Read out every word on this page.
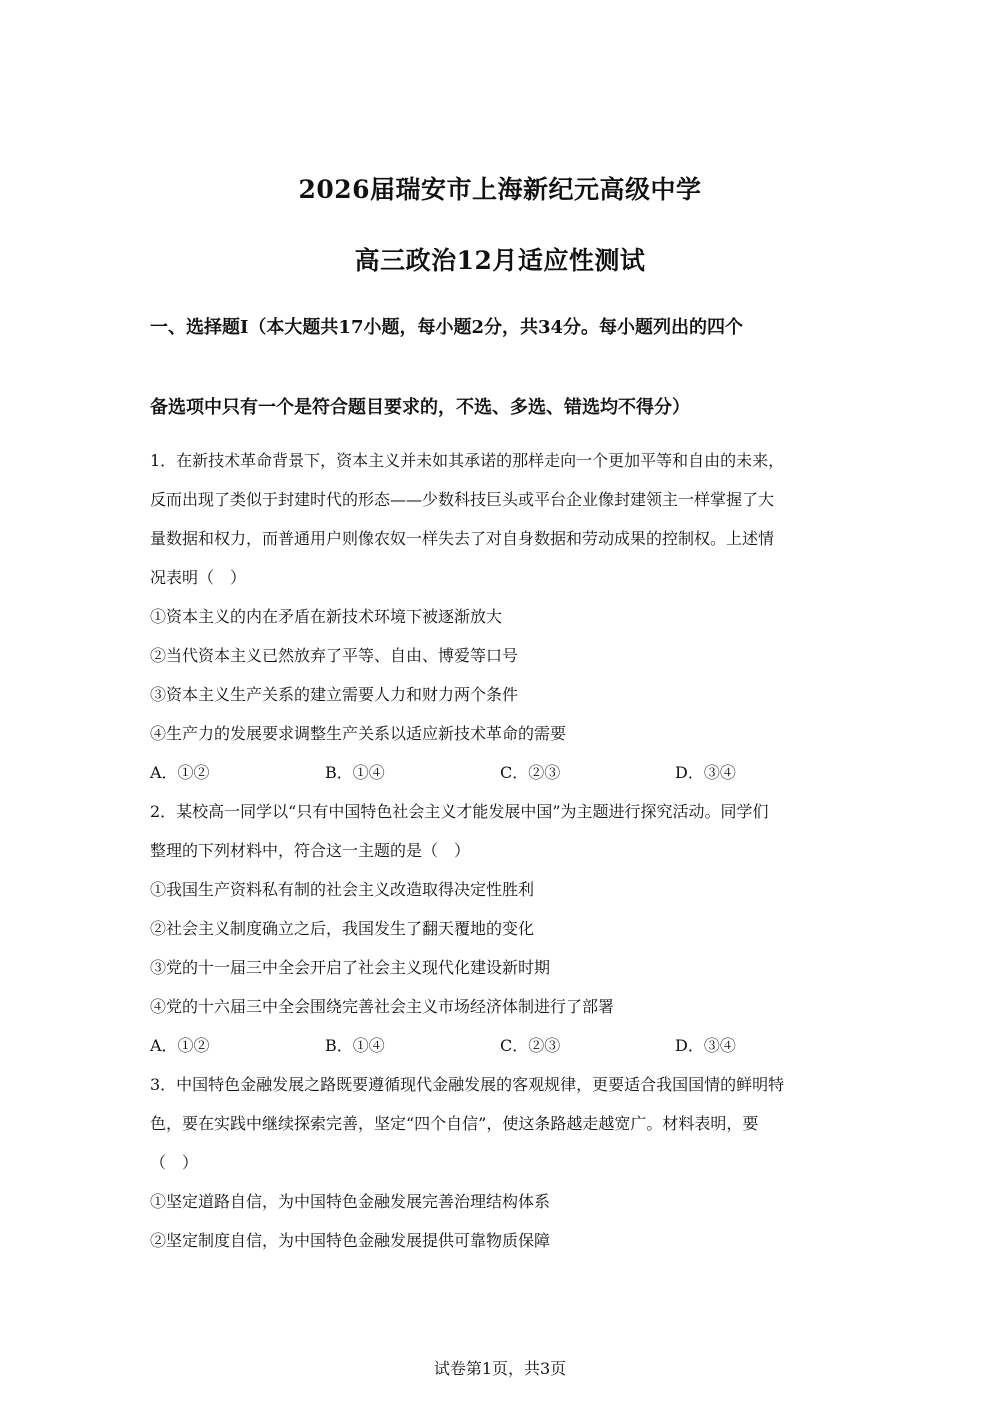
2026届瑞安市上海新纪元高级中学
高三政治12月适应性测试
一、选择题Ⅰ（本大题共17小题，每小题2分，共34分。每小题列出的四个
备选项中只有一个是符合题目要求的，不选、多选、错选均不得分）
1．在新技术革命背景下，资本主义并未如其承诺的那样走向一个更加平等和自由的未来，
反而出现了类似于封建时代的形态——少数科技巨头或平台企业像封建领主一样掌握了大
量数据和权力，而普通用户则像农奴一样失去了对自身数据和劳动成果的控制权。上述情
况表明（　）
①资本主义的内在矛盾在新技术环境下被逐渐放大
②当代资本主义已然放弃了平等、自由、博爱等口号
③资本主义生产关系的建立需要人力和财力两个条件
④生产力的发展要求调整生产关系以适应新技术革命的需要
A．①②	B．①④	C．②③	D．③④
2．某校高一同学以“只有中国特色社会主义才能发展中国”为主题进行探究活动。同学们
整理的下列材料中，符合这一主题的是（　）
①我国生产资料私有制的社会主义改造取得决定性胜利
②社会主义制度确立之后，我国发生了翻天覆地的变化
③党的十一届三中全会开启了社会主义现代化建设新时期
④党的十六届三中全会围绕完善社会主义市场经济体制进行了部署
A．①②	B．①④	C．②③	D．③④
3．中国特色金融发展之路既要遵循现代金融发展的客观规律，更要适合我国国情的鲜明特
色，要在实践中继续探索完善，坚定“四个自信”，使这条路越走越宽广。材料表明，要
（　）
①坚定道路自信，为中国特色金融发展完善治理结构体系
②坚定制度自信，为中国特色金融发展提供可靠物质保障
试卷第1页，共3页
